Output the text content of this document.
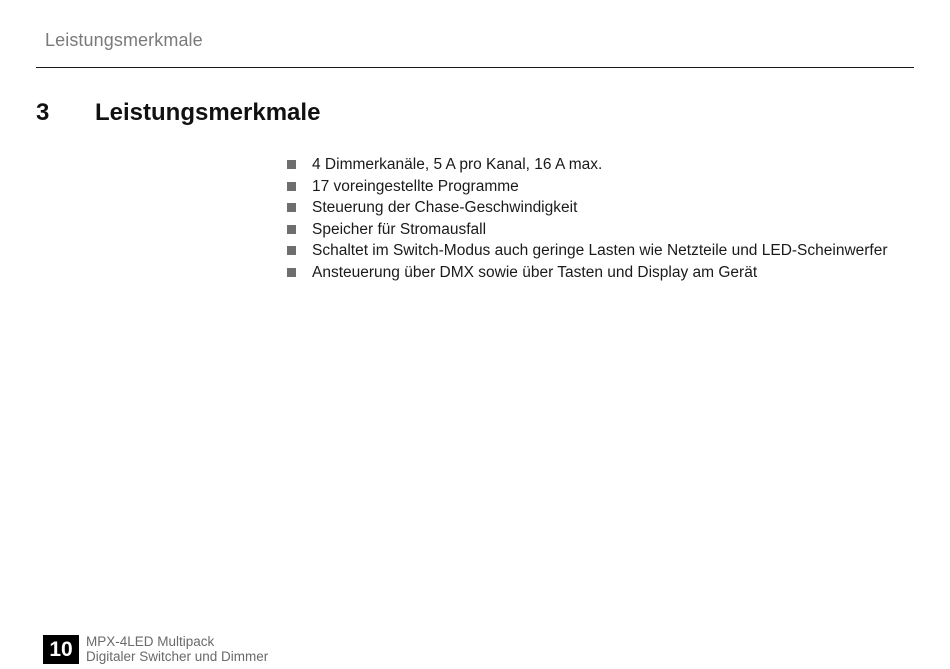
Leistungsmerkmale
3	Leistungsmerkmale
4 Dimmerkanäle, 5 A pro Kanal, 16 A max.
17 voreingestellte Programme
Steuerung der Chase-Geschwindigkeit
Speicher für Stromausfall
Schaltet im Switch-Modus auch geringe Lasten wie Netzteile und LED-Scheinwerfer
Ansteuerung über DMX sowie über Tasten und Display am Gerät
10 MPX-4LED Multipack
Digitaler Switcher und Dimmer
